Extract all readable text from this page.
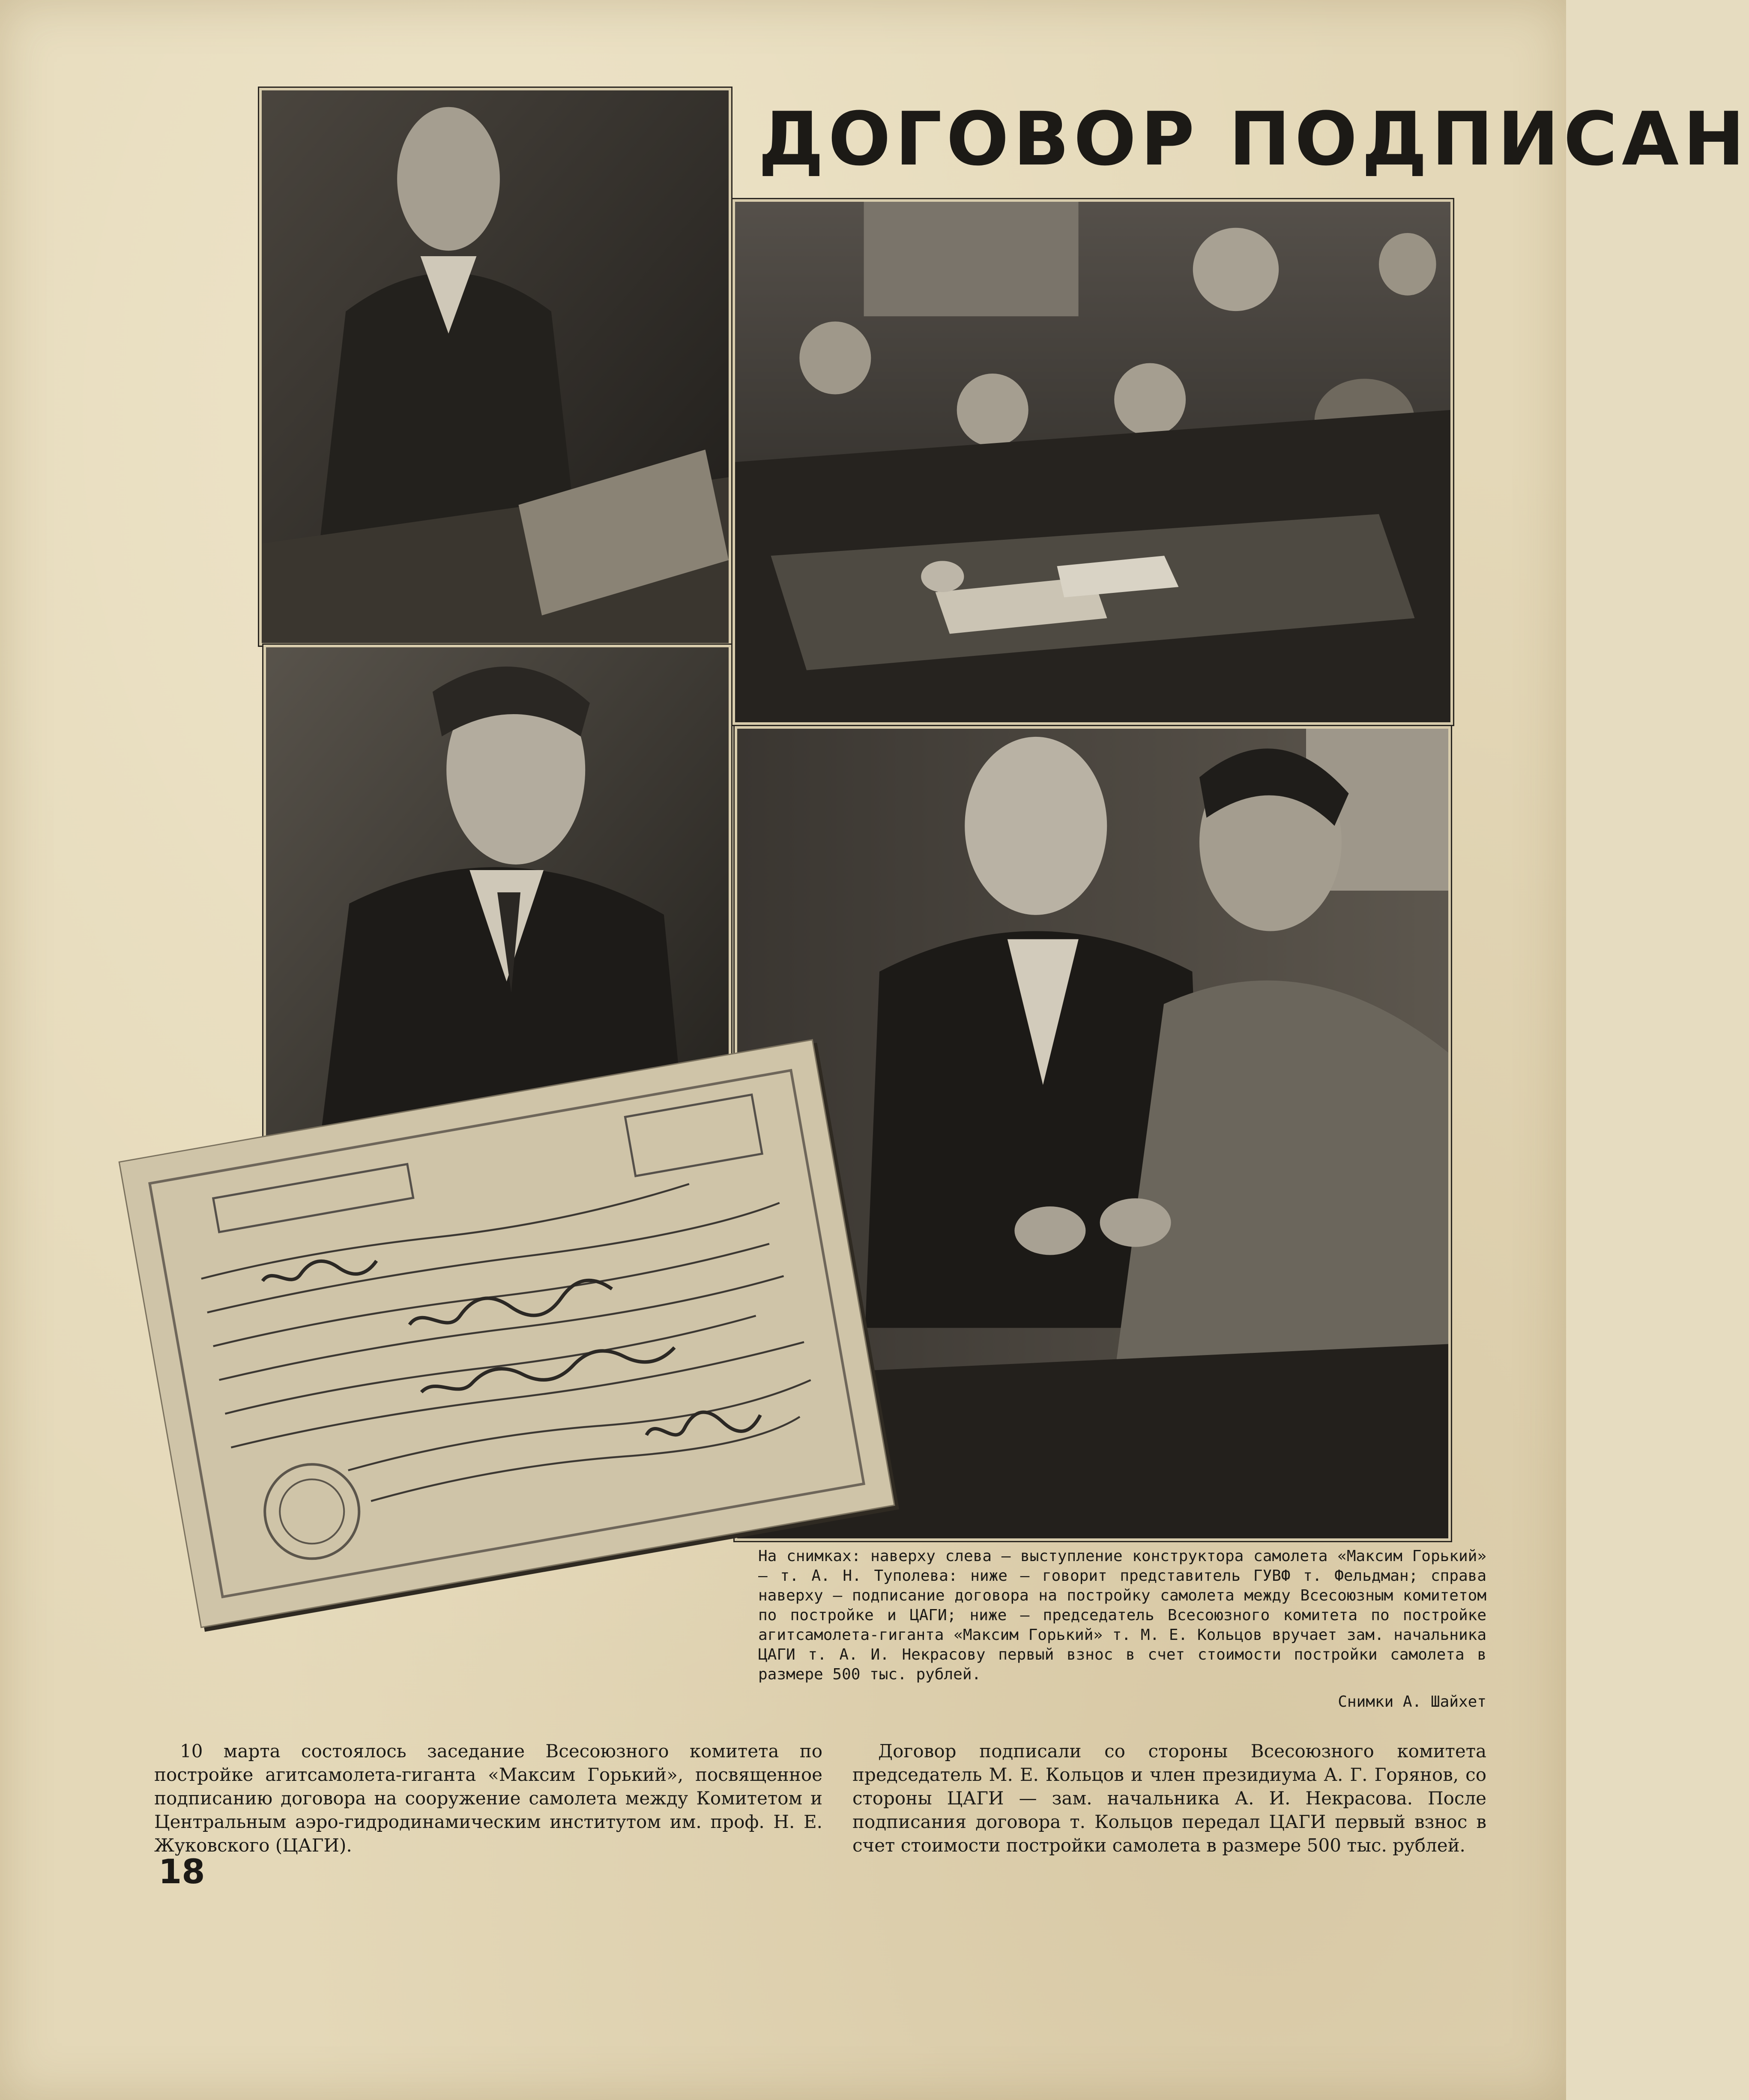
ДОГОВОР ПОДПИСАН
На снимках: наверху слева — выступление конструктора самолета «Максим Горький» — т. А. Н. Туполева: ниже — говорит представитель ГУВФ т. Фельдман; справа наверху — подписание договора на постройку самолета между Всесоюзным комитетом по постройке и ЦАГИ; ниже — председатель Всесоюзного комитета по постройке агитсамолета-гиганта «Максим Горький» т. М. Е. Кольцов вручает зам. начальника ЦАГИ т. А. И. Некрасову первый взнос в счет стоимости постройки самолета в размере 500 тыс. рублей.
Снимки А. Шайхет
10 марта состоялось заседание Всесоюзного комитета по постройке агитсамолета-гиганта «Максим Горький», посвященное подписанию договора на сооружение самолета между Комитетом и Центральным аэро-гидродинамическим институтом им. проф. Н. Е. Жуковского (ЦАГИ).
Договор подписали со стороны Всесоюзного комитета председатель М. Е. Кольцов и член президиума А. Г. Горянов, со стороны ЦАГИ — зам. начальника А. И. Некрасова. После подписания договора т. Кольцов передал ЦАГИ первый взнос в счет стоимости постройки самолета в размере 500 тыс. рублей.
18
